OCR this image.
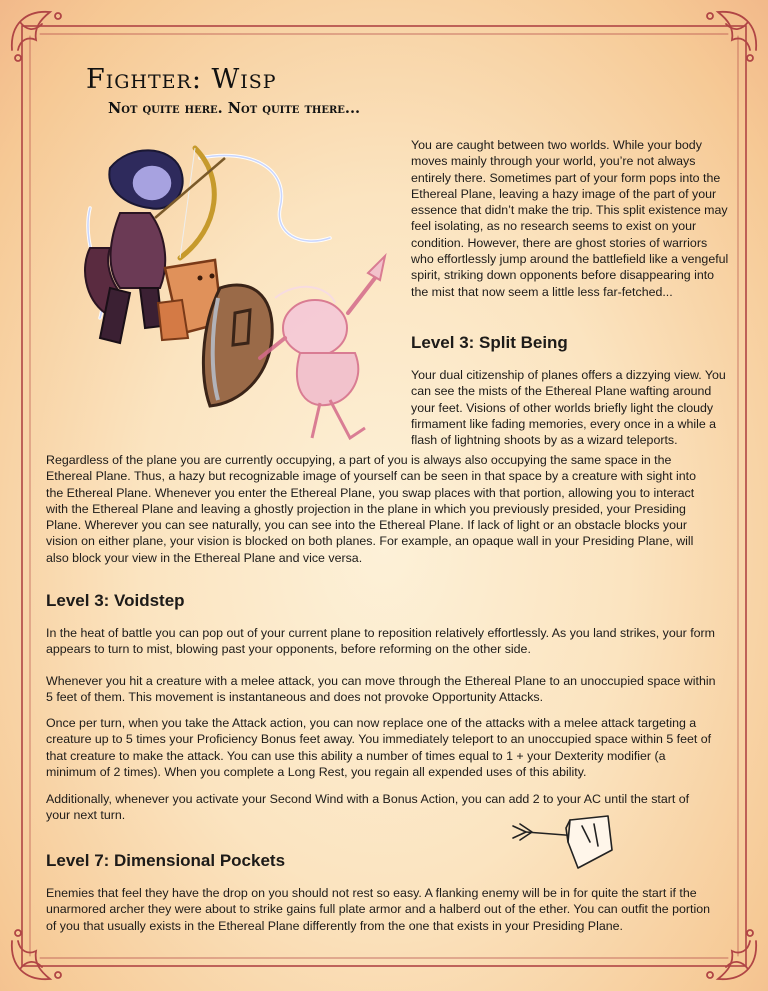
Fighter: Wisp
Not quite here. Not quite there...

You are caught between two worlds. While your body moves mainly through your world, you’re not always entirely there. Sometimes part of your form pops into the Ethereal Plane, leaving a hazy image of the part of your essence that didn’t make the trip. This split existence may feel isolating, as no research seems to exist on your condition. However, there are ghost stories of warriors who effortlessly jump around the battlefield like a vengeful spirit, striking down opponents before disappearing into the mist that now seem a little less far-fetched...

Level 3: Split Being

Your dual citizenship of planes offers a dizzying view. You can see the mists of the Ethereal Plane wafting around your feet. Visions of other worlds briefly light the cloudy firmament like fading memories, every once in a while a flash of lightning shoots by as a wizard teleports.

Regardless of the plane you are currently occupying, a part of you is always also occupying the same space in the Ethereal Plane. Thus, a hazy but recognizable image of yourself can be seen in that space by a creature with sight into the Ethereal Plane. Whenever you enter the Ethereal Plane, you swap places with that portion, allowing you to interact with the Ethereal Plane and leaving a ghostly projection in the plane in which you previously presided, your Presiding Plane. Wherever you can see naturally, you can see into the Ethereal Plane. If lack of light or an obstacle blocks your vision on either plane, your vision is blocked on both planes. For example, an opaque wall in your Presiding Plane, will also block your view in the Ethereal Plane and vice versa.

Level 3: Voidstep

In the heat of battle you can pop out of your current plane to reposition relatively effortlessly. As you land strikes, your form appears to turn to mist, blowing past your opponents, before reforming on the other side.

Whenever you hit a creature with a melee attack, you can move through the Ethereal Plane to an unoccupied space within 5 feet of them. This movement is instantaneous and does not provoke Opportunity Attacks.

Once per turn, when you take the Attack action, you can now replace one of the attacks with a melee attack targeting a creature up to 5 times your Proficiency Bonus feet away. You immediately teleport to an unoccupied space within 5 feet of that creature to make the attack. You can use this ability a number of times equal to 1 + your Dexterity modifier (a minimum of 2 times). When you complete a Long Rest, you regain all expended uses of this ability.

Additionally, whenever you activate your Second Wind with a Bonus Action, you can add 2 to your AC until the start of your next turn.

Level 7: Dimensional Pockets

Enemies that feel they have the drop on you should not rest so easy. A flanking enemy will be in for quite the start if the unarmored archer they were about to strike gains full plate armor and a halberd out of the ether. You can outfit the portion of you that usually exists in the Ethereal Plane differently from the one that exists in your Presiding Plane.
